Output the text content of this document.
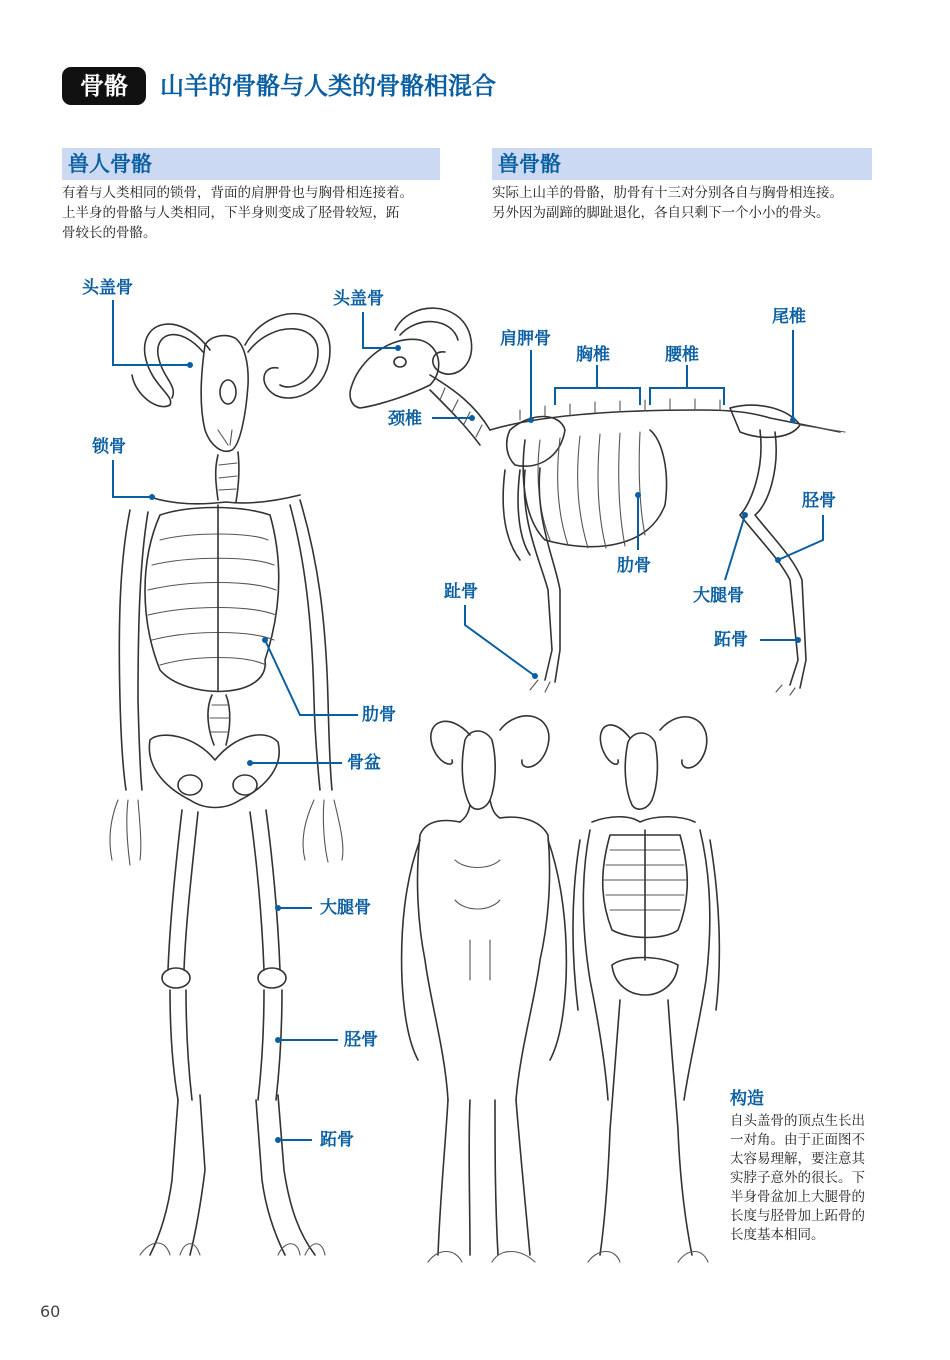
骨骼	山羊的骨骼与人类的骨骼相混合
兽人骨骼

有着与人类相同的锁骨，背面的肩胛骨也与胸骨相连接着。

上半身的骨骼与人类相同，下半身则变成了胫骨较短，跖

骨较长的骨骼。

兽骨骼

实际上山羊的骨骼，肋骨有十三对分别各自与胸骨相连接。

另外因为副蹄的脚趾退化，各自只剩下一个小小的骨头。

头盖骨
锁骨
肋骨
骨盆
大腿骨
胫骨
跖骨
头盖骨
肩胛骨
胸椎	腰椎
尾椎
颈椎
肋骨
胫骨
大腿骨
跖骨
趾骨
构造

自头盖骨的顶点生长出

一对角。由于正面图不

太容易理解，要注意其

实脖子意外的很长。下

半身骨盆加上大腿骨的

长度与胫骨加上跖骨的

长度基本相同。

60
